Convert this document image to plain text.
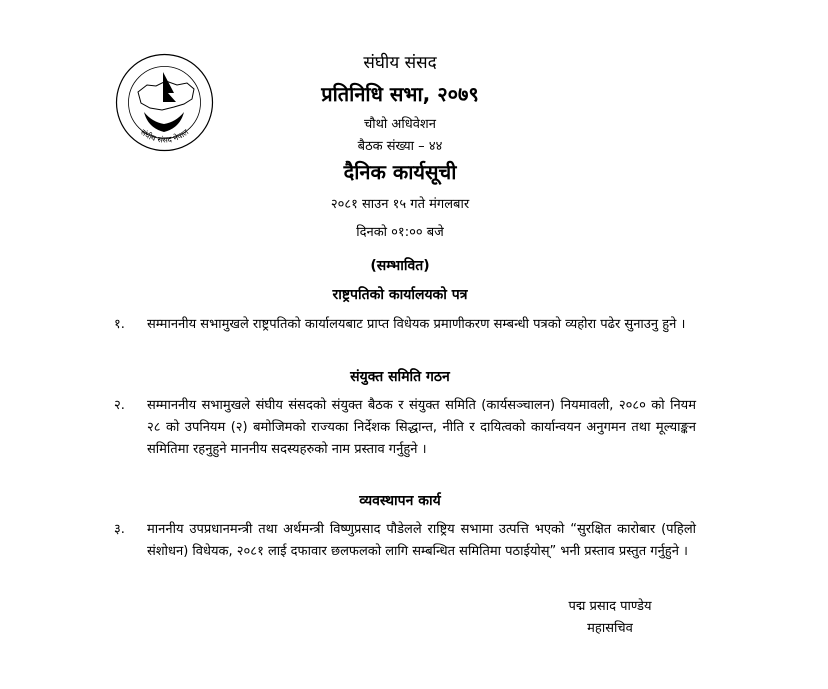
संघीय संसद नेपाल
संघीय संसद
प्रतिनिधि सभा, २०७९
चौथो अधिवेशन
बैठक संख्या – ४४
दैनिक कार्यसूची
२०८१ साउन १५ गते मंगलबार
दिनको ०१:०० बजे
(सम्भावित)
राष्ट्रपतिको कार्यालयको पत्र
१. सम्माननीय सभामुखले राष्ट्रपतिको कार्यालयबाट प्राप्त विधेयक प्रमाणीकरण सम्बन्धी पत्रको व्यहोरा पढेर सुनाउनु हुने ।
संयुक्त समिति गठन
२. सम्माननीय सभामुखले संघीय संसदको संयुक्त बैठक र संयुक्त समिति (कार्यसञ्चालन) नियमावली, २०८० को नियम २८ को उपनियम (२) बमोजिमको राज्यका निर्देशक सिद्धान्त, नीति र दायित्वको कार्यान्वयन अनुगमन तथा मूल्याङ्कन समितिमा रहनुहुने माननीय सदस्यहरुको नाम प्रस्ताव गर्नुहुने ।
व्यवस्थापन कार्य
३. माननीय उपप्रधानमन्त्री तथा अर्थमन्त्री विष्णुप्रसाद पौडेलले राष्ट्रिय सभामा उत्पत्ति भएको “सुरक्षित कारोबार (पहिलो संशोधन) विधेयक, २०८१ लाई दफावार छलफलको लागि सम्बन्धित समितिमा पठाईयोस्” भनी प्रस्ताव प्रस्तुत गर्नुहुने ।
पद्म प्रसाद पाण्डेय
महासचिव
